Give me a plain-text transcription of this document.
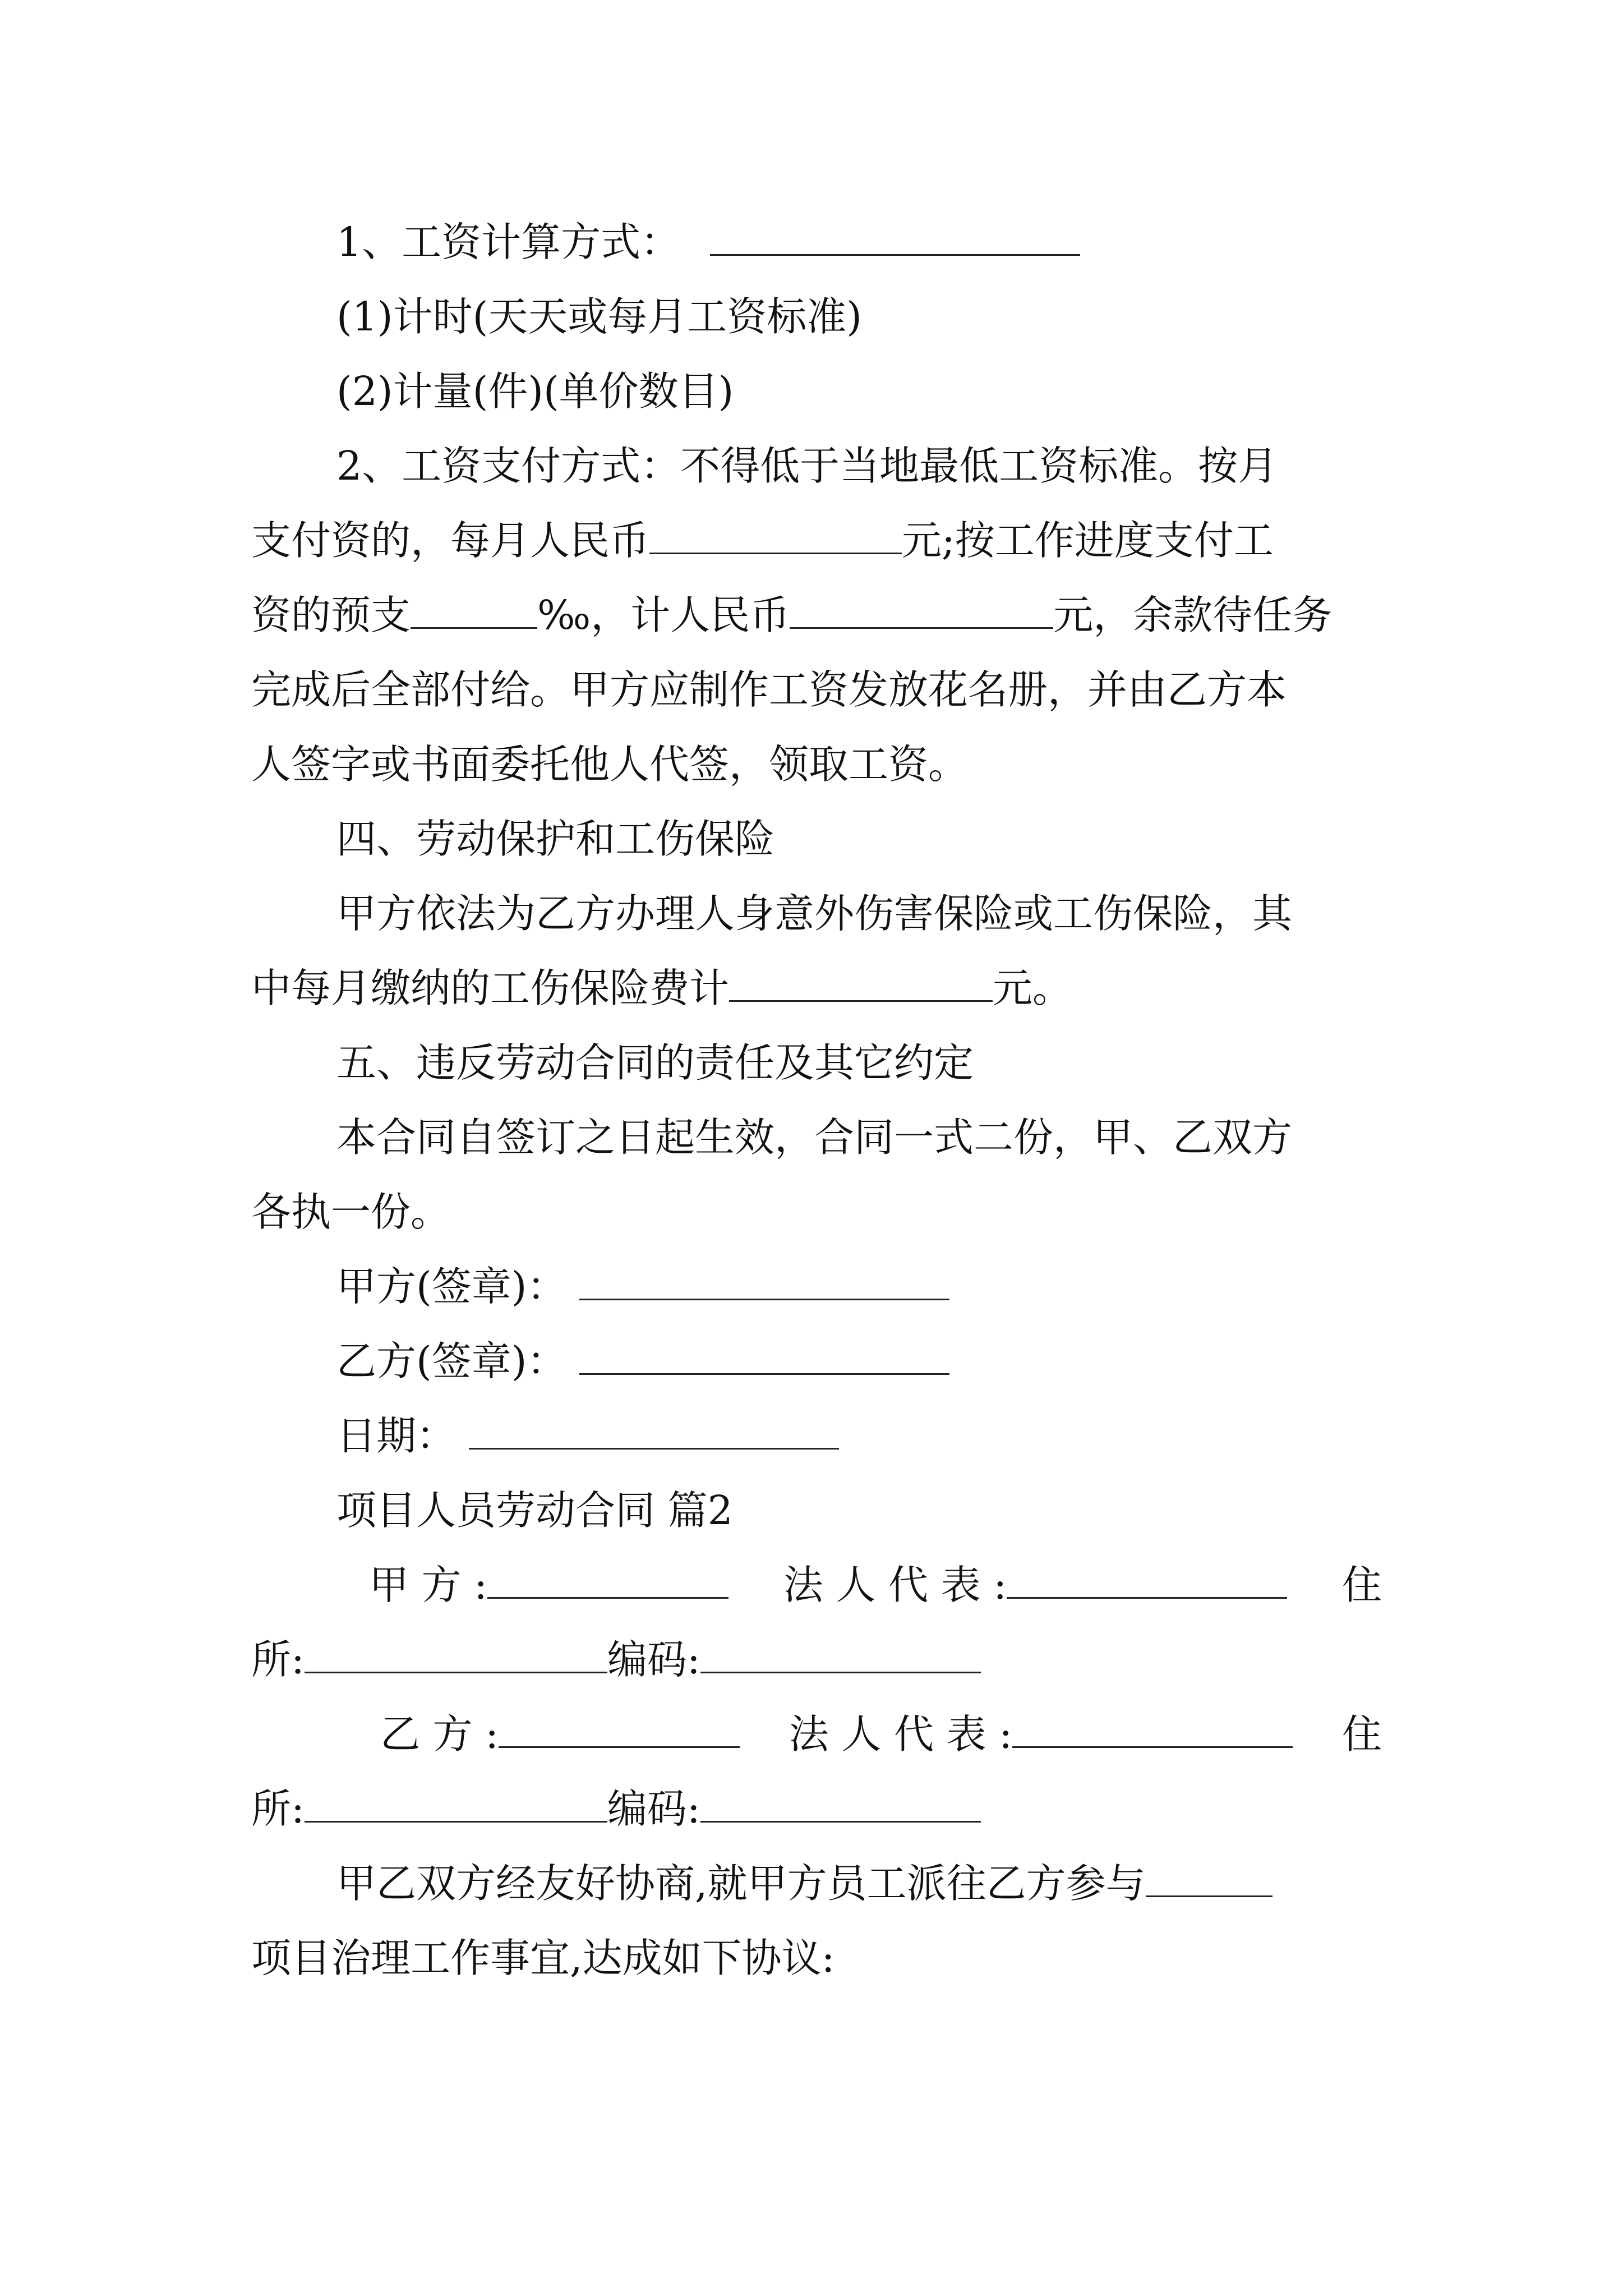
1、工资计算方式：

(1)计时(天天或每月工资标准)

(2)计量(件)(单价数目)

2、工资支付方式：不得低于当地最低工资标准。按月

支付资的，每月人民币	元;按工作进度支付工

资的预支	‰，计人民币	元，余款待任务

完成后全部付给。甲方应制作工资发放花名册，并由乙方本

人签字或书面委托他人代签，领取工资。

四、劳动保护和工伤保险

甲方依法为乙方办理人身意外伤害保险或工伤保险，其

中每月缴纳的工伤保险费计	元。

五、违反劳动合同的责任及其它约定

本合同自签订之日起生效，合同一式二份，甲、乙双方

各执一份。

甲方(签章)：

乙方(签章)：

日期：

项目人员劳动合同 篇2

甲 方 :	法 人 代 表 :	住

所:	编码:

乙 方 :	法 人 代 表 :	住

所:	编码:

甲乙双方经友好协商,就甲方员工派往乙方参与

项目治理工作事宜,达成如下协议:
